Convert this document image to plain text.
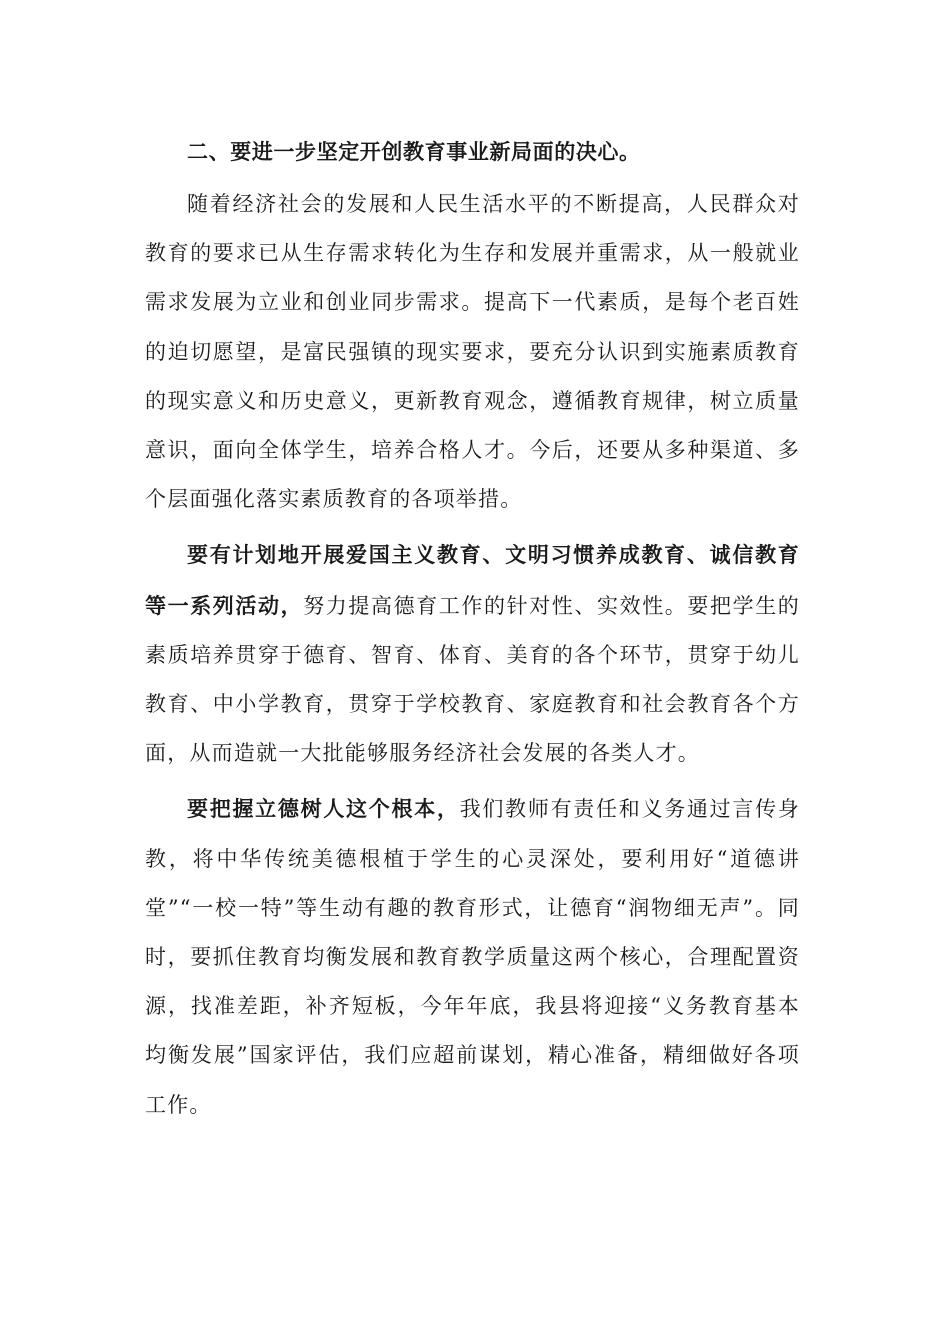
二、要进一步坚定开创教育事业新局面的决心。

随着经济社会的发展和人民生活水平的不断提高，人民群众对教育的要求已从生存需求转化为生存和发展并重需求，从一般就业需求发展为立业和创业同步需求。提高下一代素质，是每个老百姓的迫切愿望，是富民强镇的现实要求，要充分认识到实施素质教育的现实意义和历史意义，更新教育观念，遵循教育规律，树立质量意识，面向全体学生，培养合格人才。今后，还要从多种渠道、多个层面强化落实素质教育的各项举措。

要有计划地开展爱国主义教育、文明习惯养成教育、诚信教育等一系列活动，努力提高德育工作的针对性、实效性。要把学生的素质培养贯穿于德育、智育、体育、美育的各个环节，贯穿于幼儿教育、中小学教育，贯穿于学校教育、家庭教育和社会教育各个方面，从而造就一大批能够服务经济社会发展的各类人才。

要把握立德树人这个根本，我们教师有责任和义务通过言传身教，将中华传统美德根植于学生的心灵深处，要利用好“道德讲堂”“一校一特”等生动有趣的教育形式，让德育“润物细无声”。同时，要抓住教育均衡发展和教育教学质量这两个核心，合理配置资源，找准差距，补齐短板，今年年底，我县将迎接“义务教育基本均衡发展”国家评估，我们应超前谋划，精心准备，精细做好各项工作。
